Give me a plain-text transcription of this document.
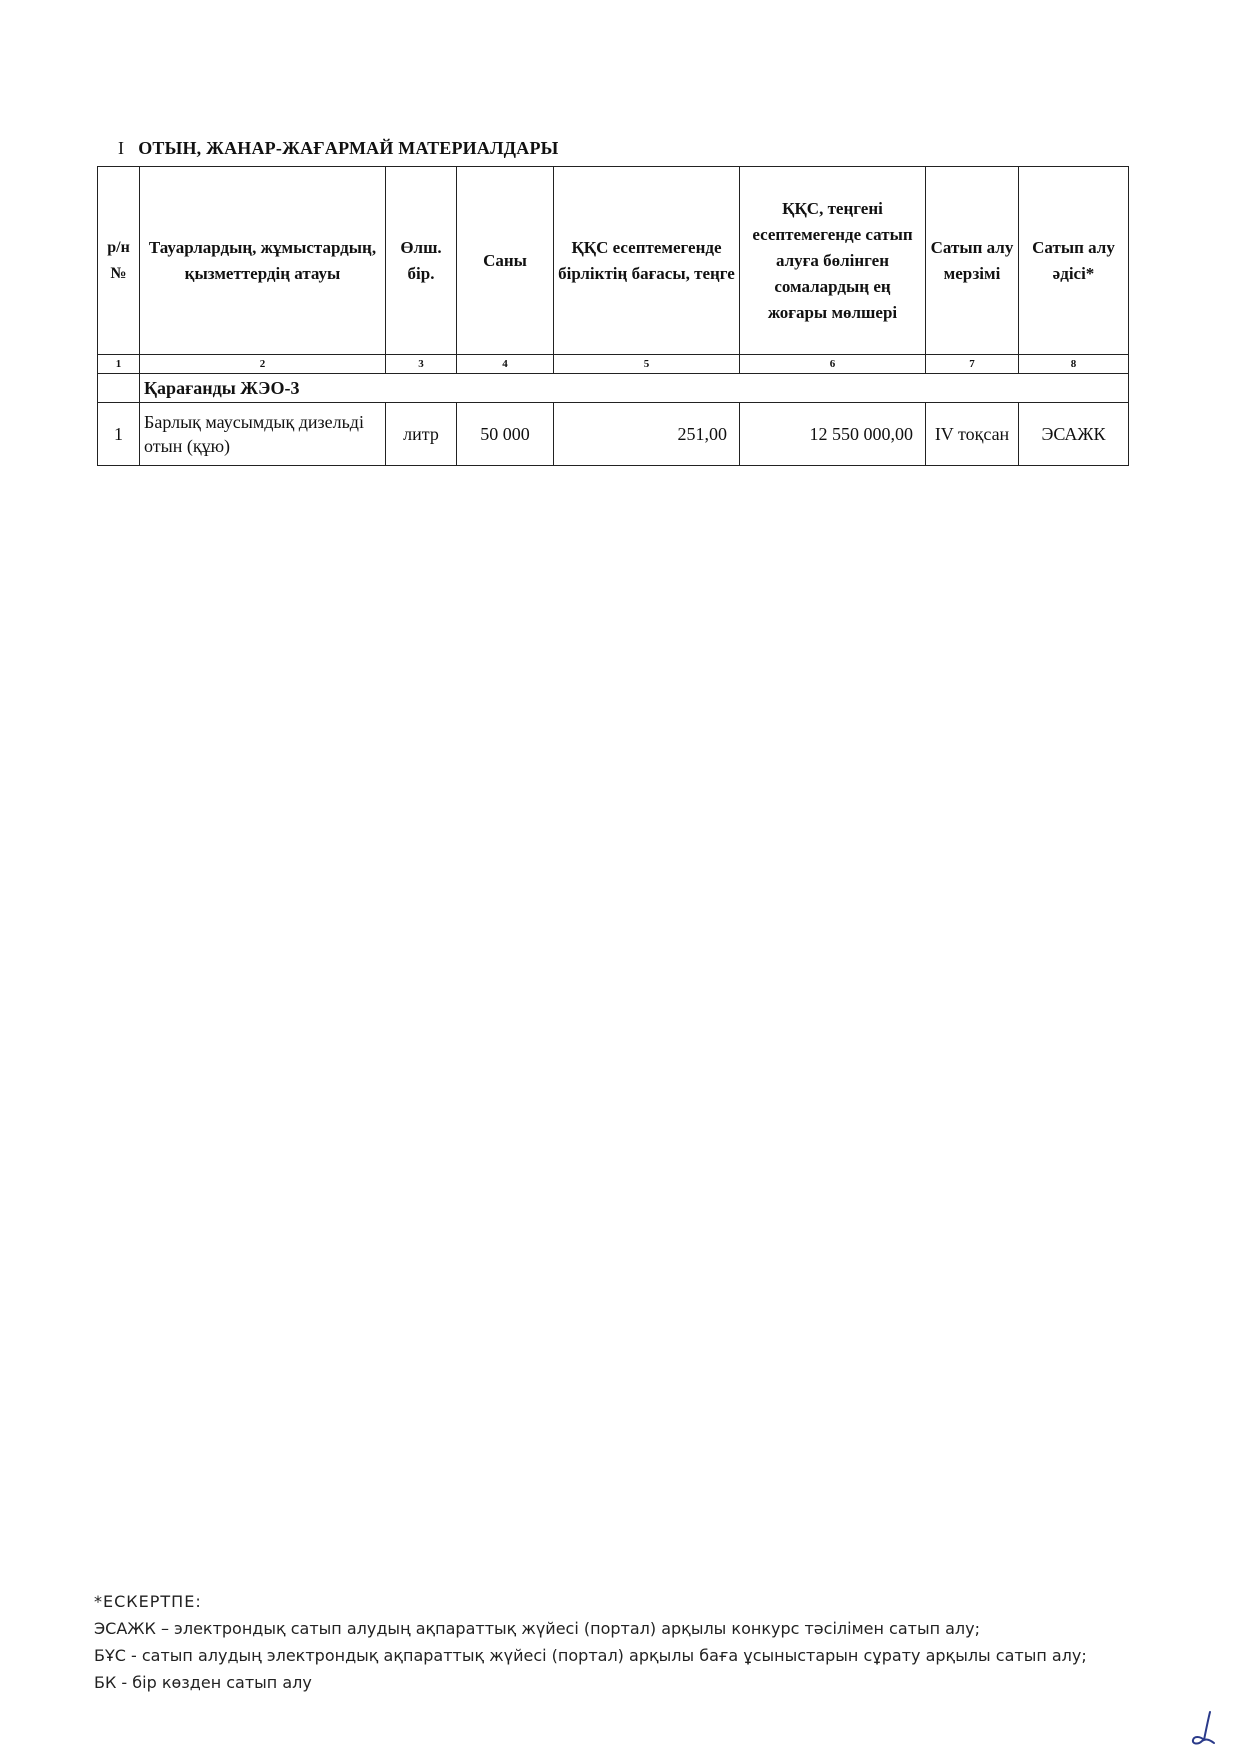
I ОТЫН, ЖАНАР-ЖАҒАРМАЙ МАТЕРИАЛДАРЫ
р/н №	Тауарлардың, жұмыстардың, қызметтердің атауы	Өлш. бір.	Саны	ҚҚС есептемегенде бірліктің бағасы, теңге	ҚҚС, теңгені есептемегенде сатып алуға бөлінген сомалардың ең жоғары мөлшері	Сатып алу мерзімі	Сатып алу әдісі*
1	2	3	4	5	6	7	8
	Қарағанды ЖЭО-3						
1	Барлық маусымдық дизельді отын (құю)	литр	50 000	251,00	12 550 000,00	IV тоқсан	ЭСАЖК
*ЕСКЕРТПЕ:
ЭСАЖК – электрондық сатып алудың ақпараттық жүйесі (портал) арқылы конкурс тәсілімен сатып алу;
БҰС - сатып алудың электрондық ақпараттық жүйесі (портал) арқылы баға ұсыныстарын сұрату арқылы сатып алу;
БК - бір көзден сатып алу
